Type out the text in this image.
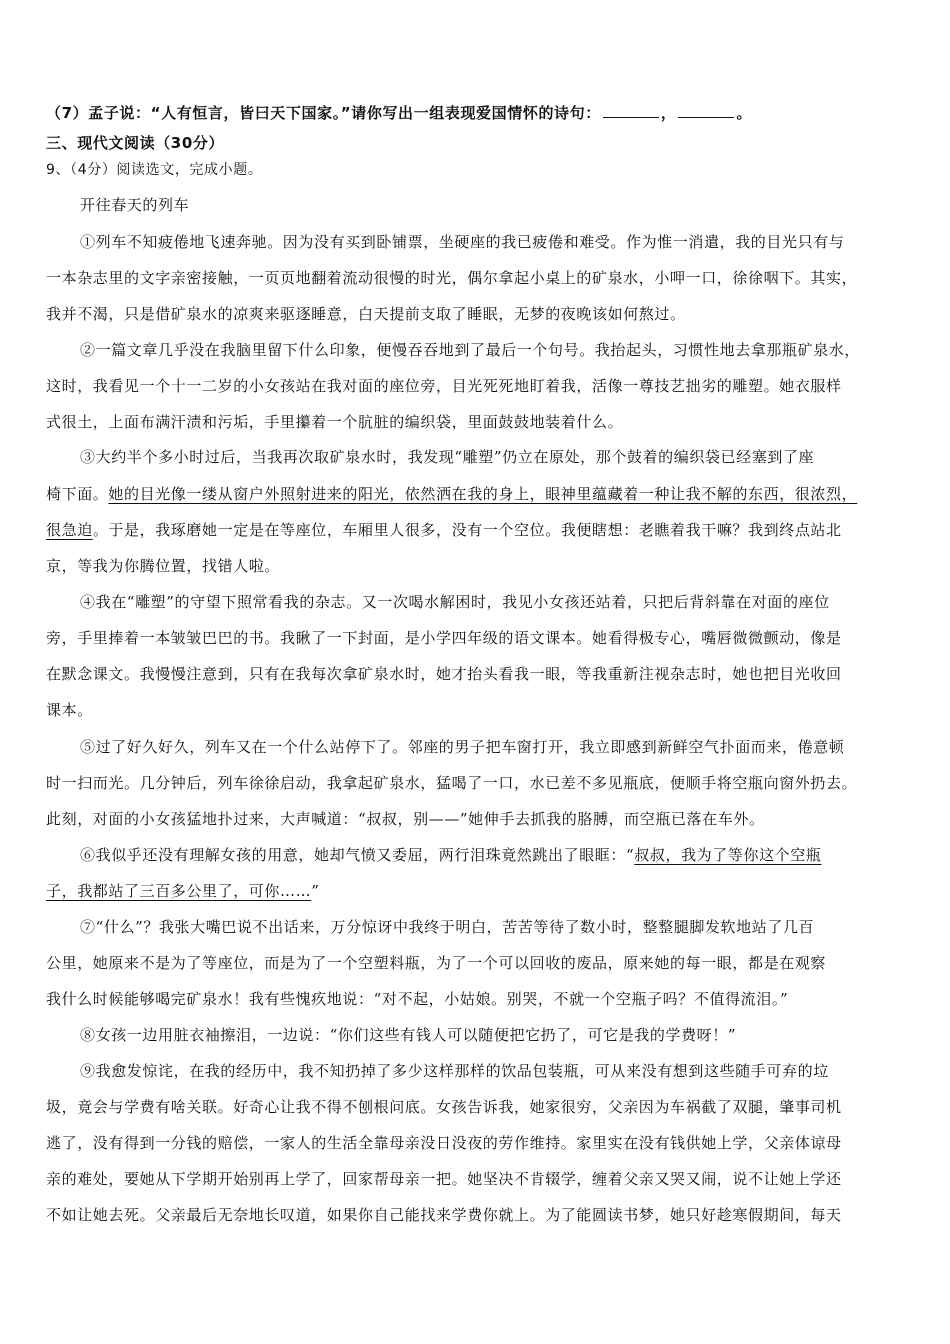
（7）孟子说：“人有恒言，皆曰天下国家。”请你写出一组表现爱国情怀的诗句：	，	。
三、现代文阅读（30分）
9、（4分）阅读选文，完成小题。
开往春天的列车
①列车不知疲倦地飞速奔驰。因为没有买到卧铺票，坐硬座的我已疲倦和难受。作为惟一消遣，我的目光只有与
一本杂志里的文字亲密接触，一页页地翻着流动很慢的时光，偶尔拿起小桌上的矿泉水，小呷一口，徐徐咽下。其实，
我并不渴，只是借矿泉水的凉爽来驱逐睡意，白天提前支取了睡眠，无梦的夜晚该如何熬过。
②一篇文章几乎没在我脑里留下什么印象，便慢吞吞地到了最后一个句号。我抬起头，习惯性地去拿那瓶矿泉水，
这时，我看见一个十一二岁的小女孩站在我对面的座位旁，目光死死地盯着我，活像一尊技艺拙劣的雕塑。她衣服样
式很土，上面布满汗渍和污垢，手里攥着一个肮脏的编织袋，里面鼓鼓地装着什么。
③大约半个多小时过后，当我再次取矿泉水时，我发现“雕塑”仍立在原处，那个鼓着的编织袋已经塞到了座
椅下面。她的目光像一缕从窗户外照射进来的阳光，依然洒在我的身上，眼神里蕴藏着一种让我不解的东西，很浓烈，
很急迫。于是，我琢磨她一定是在等座位，车厢里人很多，没有一个空位。我便瞎想：老瞧着我干嘛？我到终点站北
京，等我为你腾位置，找错人啦。
④我在“雕塑”的守望下照常看我的杂志。又一次喝水解困时，我见小女孩还站着，只把后背斜靠在对面的座位
旁，手里捧着一本皱皱巴巴的书。我瞅了一下封面，是小学四年级的语文课本。她看得极专心，嘴唇微微颤动，像是
在默念课文。我慢慢注意到，只有在我每次拿矿泉水时，她才抬头看我一眼，等我重新注视杂志时，她也把目光收回
课本。
⑤过了好久好久，列车又在一个什么站停下了。邻座的男子把车窗打开，我立即感到新鲜空气扑面而来，倦意顿
时一扫而光。几分钟后，列车徐徐启动，我拿起矿泉水，猛喝了一口，水已差不多见瓶底，便顺手将空瓶向窗外扔去。
此刻，对面的小女孩猛地扑过来，大声喊道：“叔叔，别——”她伸手去抓我的胳膊，而空瓶已落在车外。
⑥我似乎还没有理解女孩的用意，她却气愤又委屈，两行泪珠竟然跳出了眼眶：“叔叔，我为了等你这个空瓶
子，我都站了三百多公里了，可你……”
⑦“什么”？我张大嘴巴说不出话来，万分惊讶中我终于明白，苦苦等待了数小时，整整腿脚发软地站了几百
公里，她原来不是为了等座位，而是为了一个空塑料瓶，为了一个可以回收的废品，原来她的每一眼，都是在观察
我什么时候能够喝完矿泉水！我有些愧疚地说：“对不起，小姑娘。别哭，不就一个空瓶子吗？不值得流泪。”
⑧女孩一边用脏衣袖擦泪，一边说：“你们这些有钱人可以随便把它扔了，可它是我的学费呀！”
⑨我愈发惊诧，在我的经历中，我不知扔掉了多少这样那样的饮品包装瓶，可从来没有想到这些随手可弃的垃
圾，竟会与学费有啥关联。好奇心让我不得不刨根问底。女孩告诉我，她家很穷，父亲因为车祸截了双腿，肇事司机
逃了，没有得到一分钱的赔偿，一家人的生活全靠母亲没日没夜的劳作维持。家里实在没有钱供她上学，父亲体谅母
亲的难处，要她从下学期开始别再上学了，回家帮母亲一把。她坚决不肯辍学，缠着父亲又哭又闹，说不让她上学还
不如让她去死。父亲最后无奈地长叹道，如果你自己能找来学费你就上。为了能圆读书梦，她只好趁寒假期间，每天
